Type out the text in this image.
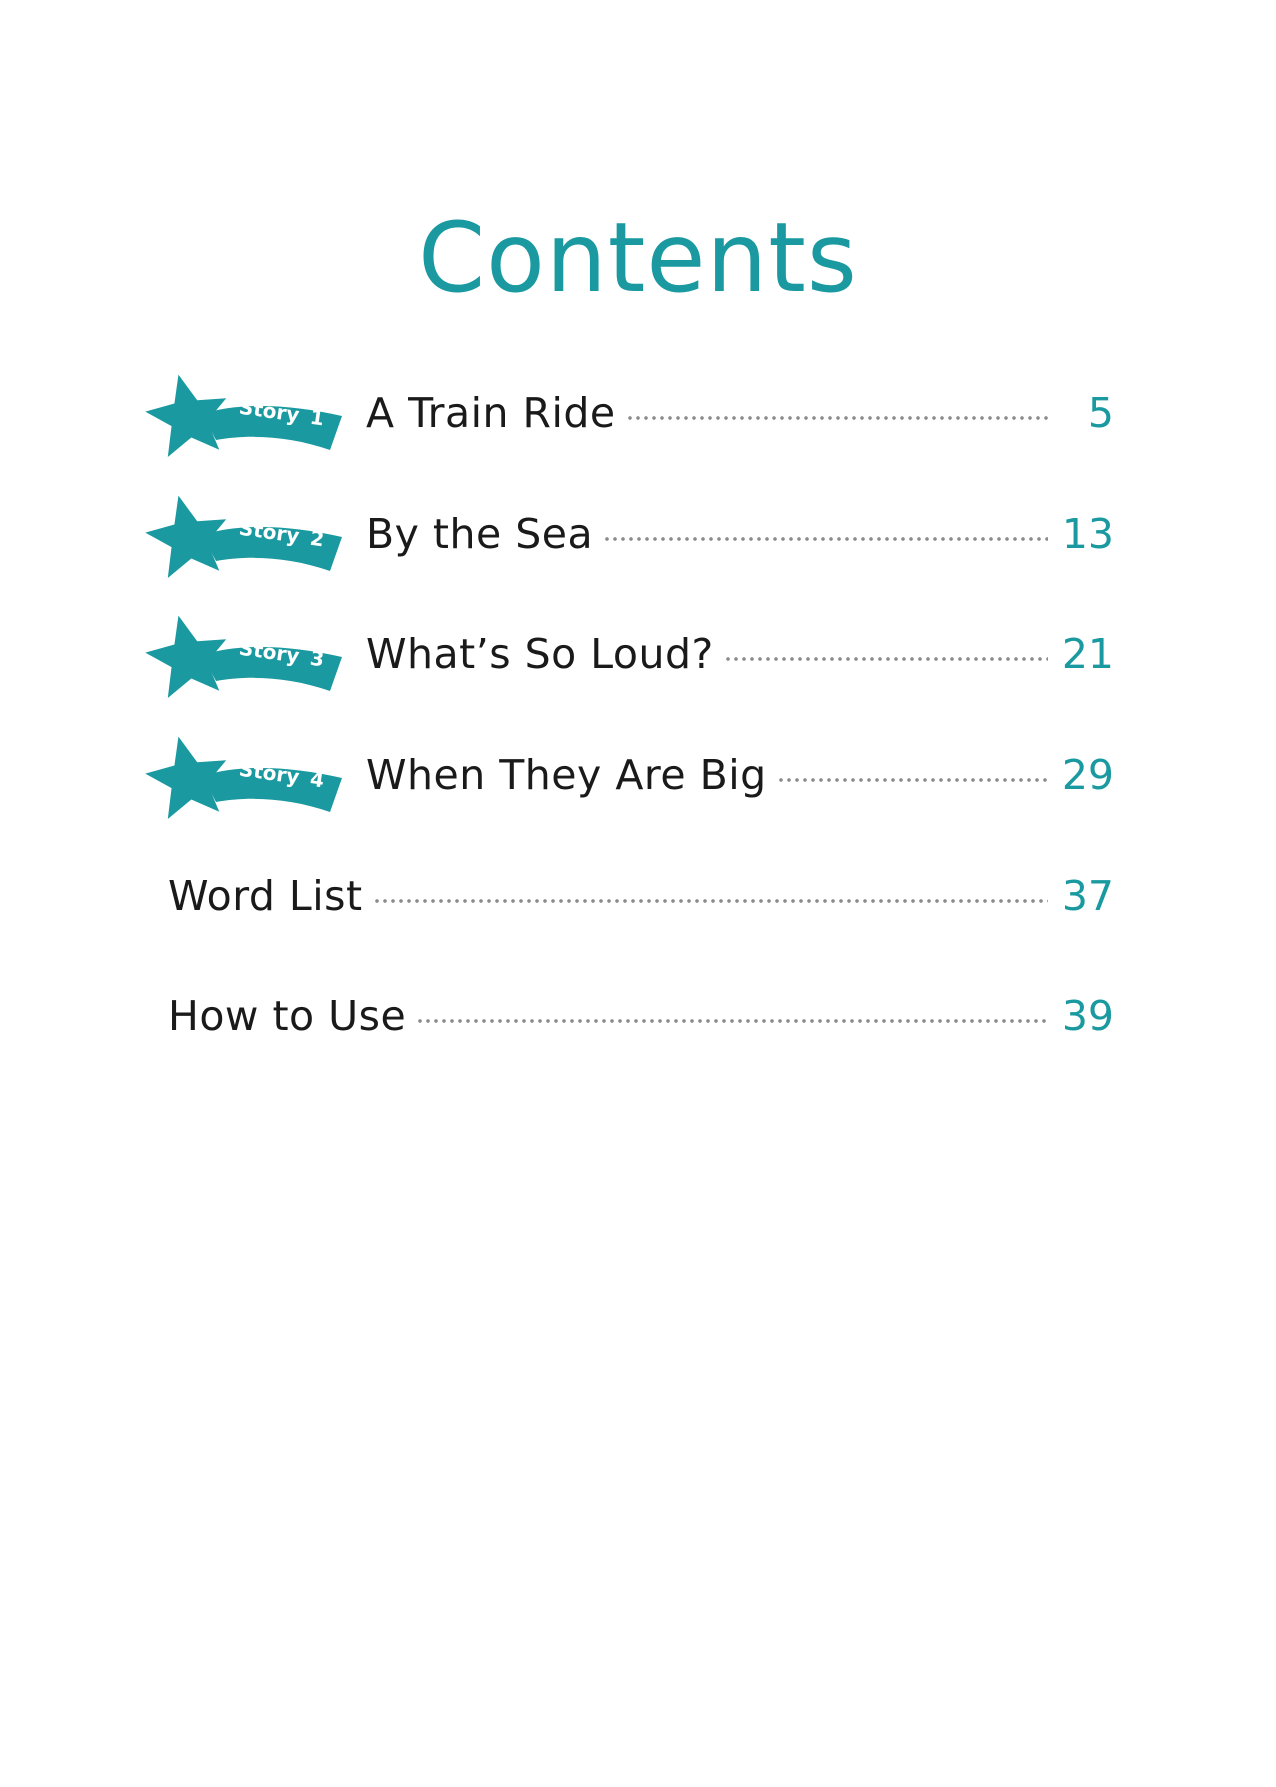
Contents
Story 1 A Train Ride	5
Story 2 By the Sea	13
Story 3 What’s So Loud?	21
Story 4 When They Are Big	29
Word List	37
How to Use	39
